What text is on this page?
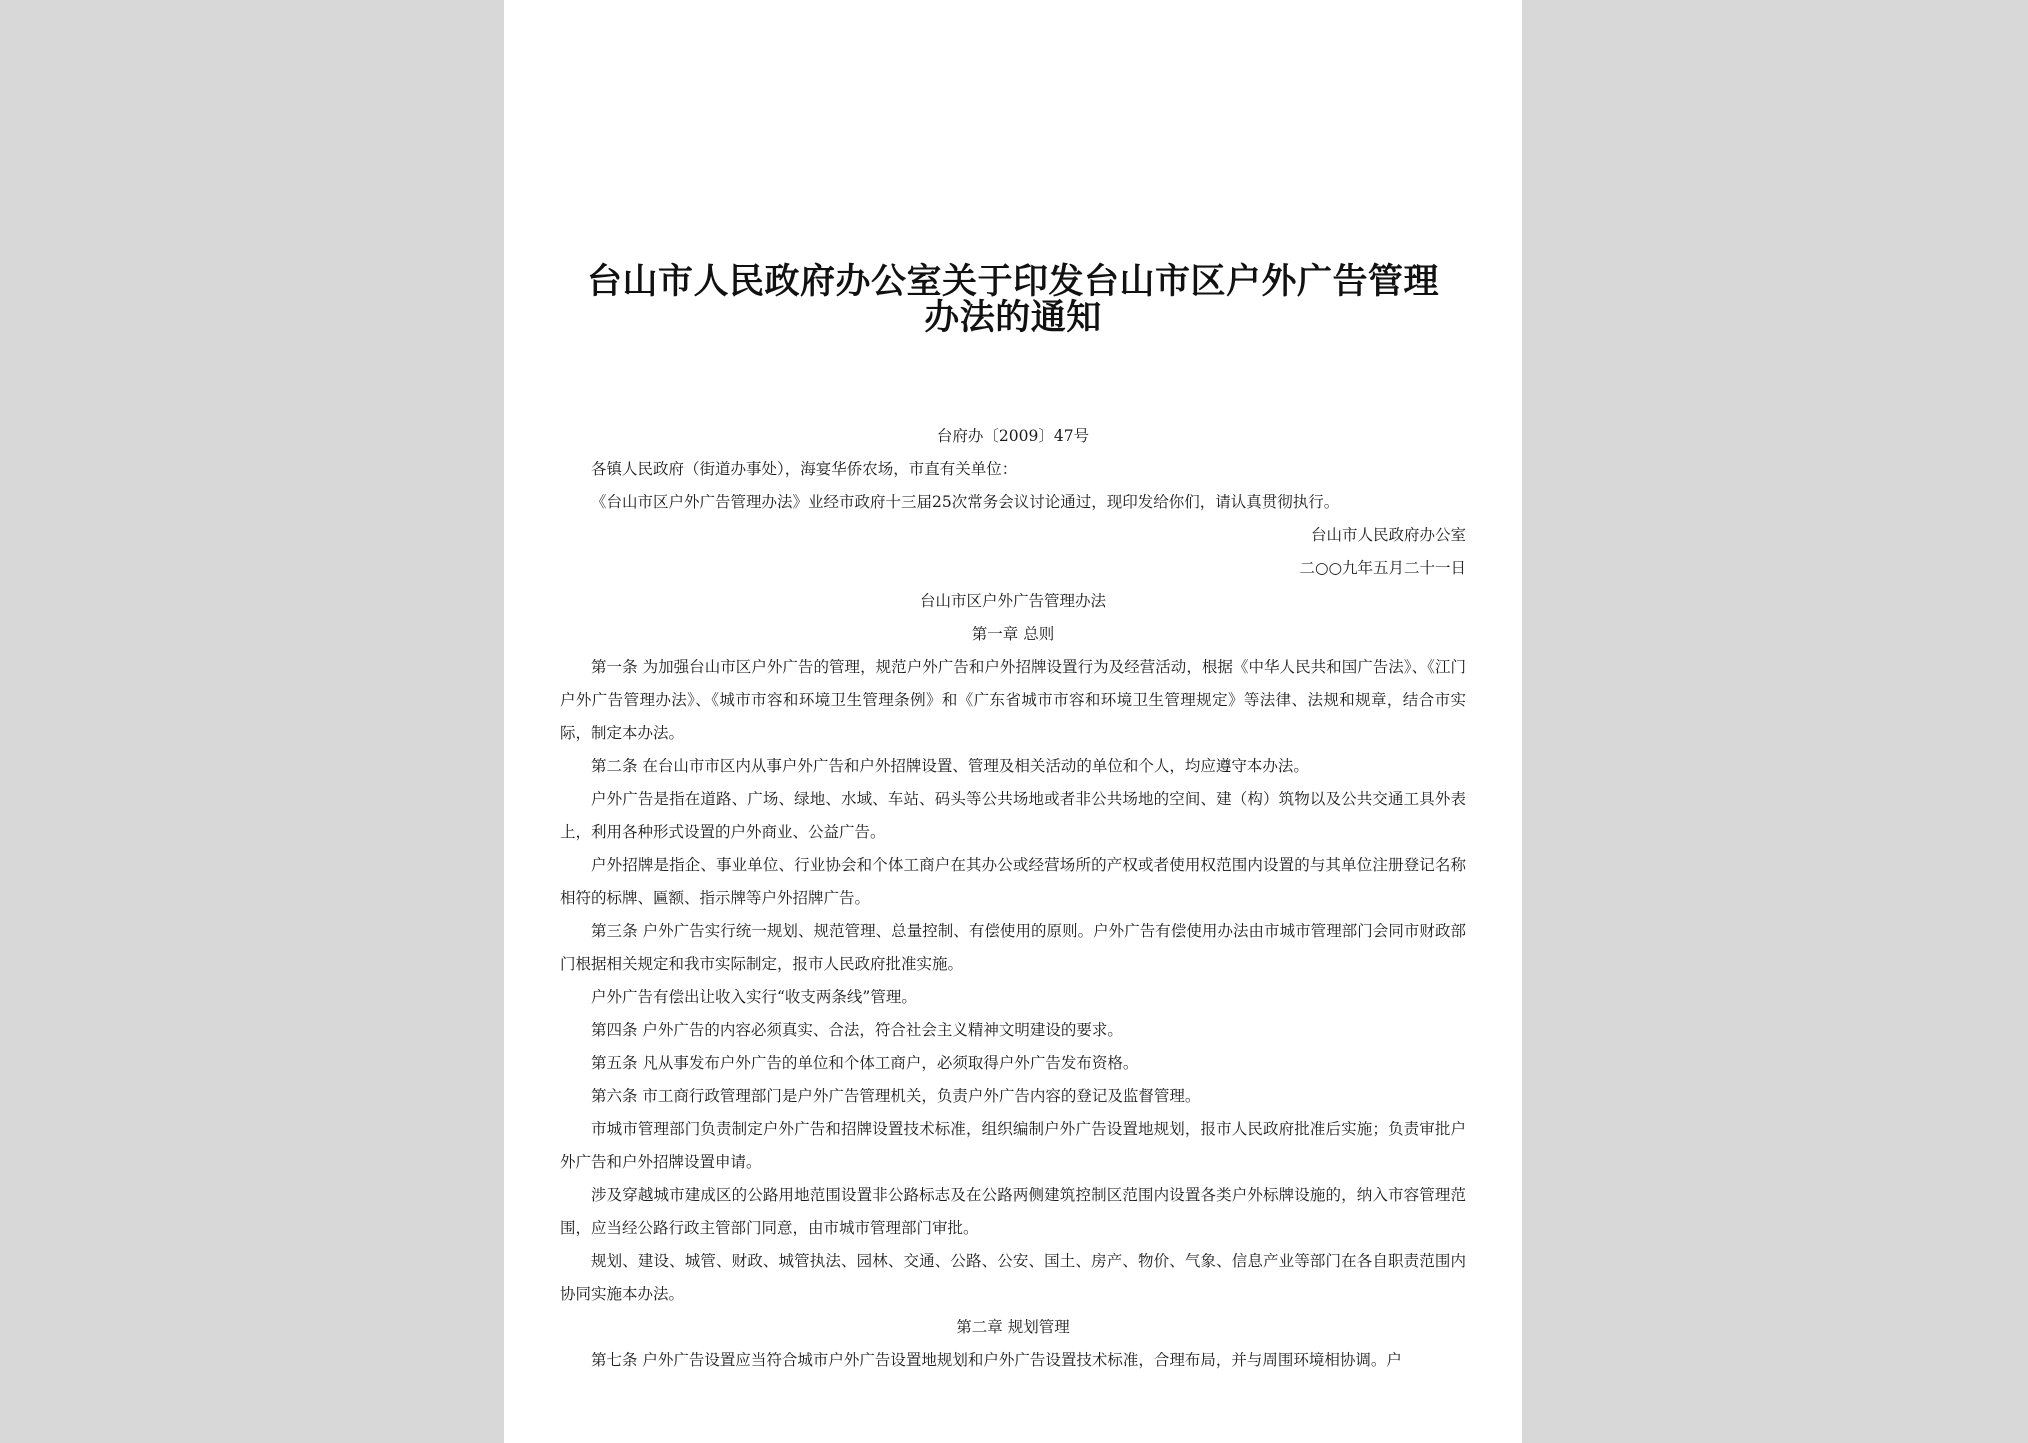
台山市人民政府办公室关于印发台山市区户外广告管理办法的通知

台府办〔2009〕47号

各镇人民政府（街道办事处），海宴华侨农场，市直有关单位：

《台山市区户外广告管理办法》业经市政府十三届25次常务会议讨论通过，现印发给你们，请认真贯彻执行。

台山市人民政府办公室

二○○九年五月二十一日

台山市区户外广告管理办法

第一章 总则

第一条 为加强台山市区户外广告的管理，规范户外广告和户外招牌设置行为及经营活动，根据《中华人民共和国广告法》、《江门户外广告管理办法》、《城市市容和环境卫生管理条例》和《广东省城市市容和环境卫生管理规定》等法律、法规和规章，结合市实际，制定本办法。

第二条 在台山市市区内从事户外广告和户外招牌设置、管理及相关活动的单位和个人，均应遵守本办法。

户外广告是指在道路、广场、绿地、水域、车站、码头等公共场地或者非公共场地的空间、建（构）筑物以及公共交通工具外表上，利用各种形式设置的户外商业、公益广告。

户外招牌是指企、事业单位、行业协会和个体工商户在其办公或经营场所的产权或者使用权范围内设置的与其单位注册登记名称相符的标牌、匾额、指示牌等户外招牌广告。

第三条 户外广告实行统一规划、规范管理、总量控制、有偿使用的原则。户外广告有偿使用办法由市城市管理部门会同市财政部门根据相关规定和我市实际制定，报市人民政府批准实施。

户外广告有偿出让收入实行“收支两条线”管理。

第四条 户外广告的内容必须真实、合法，符合社会主义精神文明建设的要求。

第五条 凡从事发布户外广告的单位和个体工商户，必须取得户外广告发布资格。

第六条 市工商行政管理部门是户外广告管理机关，负责户外广告内容的登记及监督管理。

市城市管理部门负责制定户外广告和招牌设置技术标准，组织编制户外广告设置地规划，报市人民政府批准后实施；负责审批户外广告和户外招牌设置申请。

涉及穿越城市建成区的公路用地范围设置非公路标志及在公路两侧建筑控制区范围内设置各类户外标牌设施的，纳入市容管理范围，应当经公路行政主管部门同意，由市城市管理部门审批。

规划、建设、城管、财政、城管执法、园林、交通、公路、公安、国土、房产、物价、气象、信息产业等部门在各自职责范围内协同实施本办法。

第二章 规划管理

第七条 户外广告设置应当符合城市户外广告设置地规划和户外广告设置技术标准，合理布局，并与周围环境相协调。户
